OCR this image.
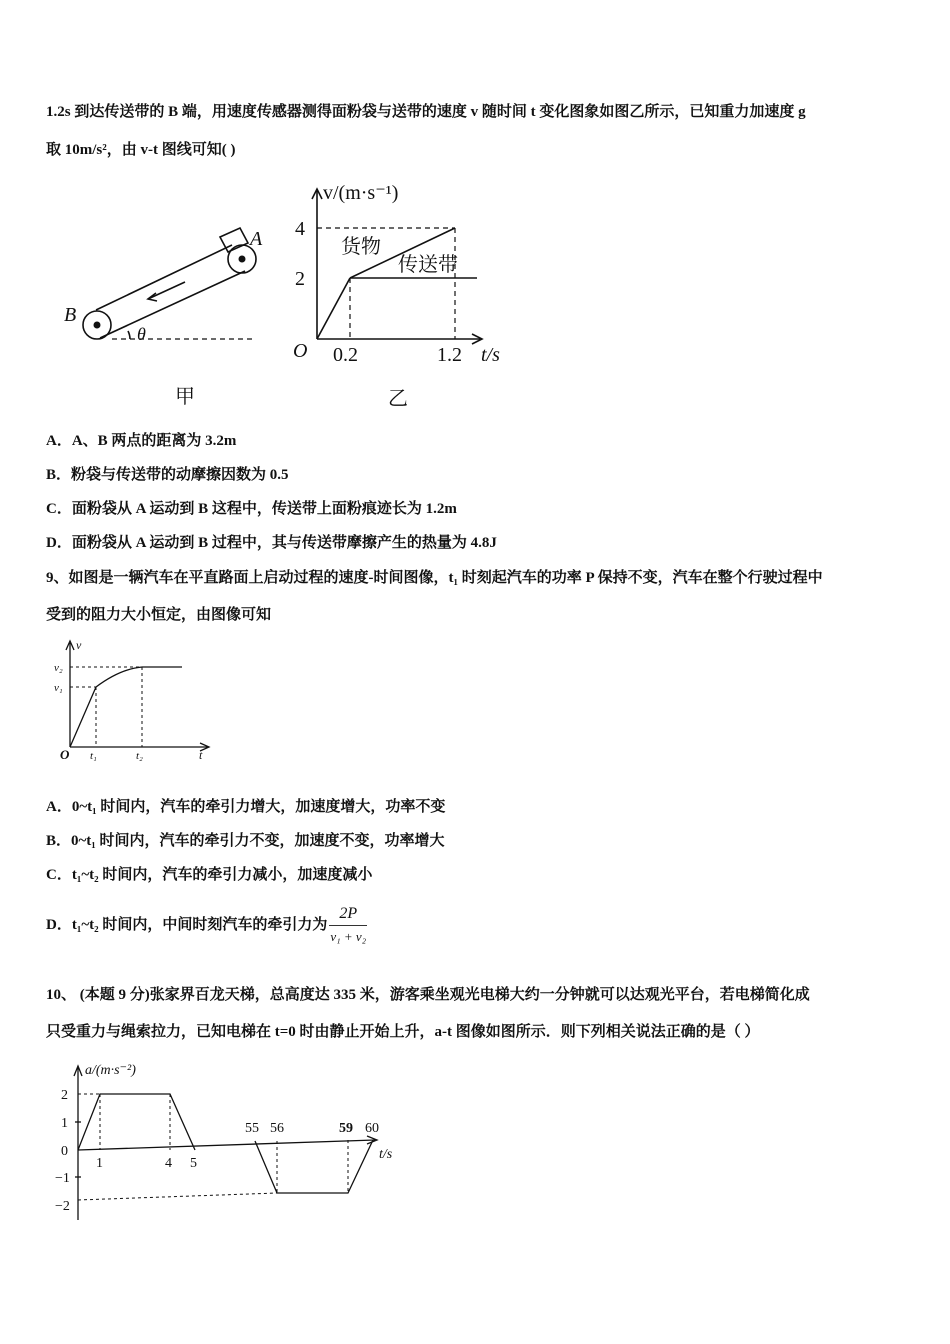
1.2s 到达传送带的 B 端，用速度传感器测得面粉袋与送带的速度 v 随时间 t 变化图象如图乙所示，已知重力加速度 g
取 10m/s²，由 v-t 图线可知( )
A
B
θ
甲
v/(m·s⁻¹)
4
2
O 0.2	1.2 t/s
货物
传送带
乙
A．A、B 两点的距离为 3.2m
B．粉袋与传送带的动摩擦因数为 0.5
C．面粉袋从 A 运动到 B 这程中，传送带上面粉痕迹长为 1.2m
D．面粉袋从 A 运动到 B 过程中，其与传送带摩擦产生的热量为 4.8J
9、如图是一辆汽车在平直路面上启动过程的速度-时间图像，t₁ 时刻起汽车的功率 P 保持不变，汽车在整个行驶过程中
受到的阻力大小恒定，由图像可知
v
v₂
v₁
O t₁	t₂	t
A．0~t₁ 时间内，汽车的牵引力增大，加速度增大，功率不变
B．0~t₁ 时间内，汽车的牵引力不变，加速度不变，功率增大
C．t₁~t₂ 时间内，汽车的牵引力减小，加速度减小
D．t₁~t₂ 时间内，中间时刻汽车的牵引力为 $\frac{2P}{\text{v₁ + v₂}}$
10、 (本题 9 分)张家界百龙天梯，总高度达 335 米，游客乘坐观光电梯大约一分钟就可以达观光平台，若电梯简化成
只受重力与绳索拉力，已知电梯在 t=0 时由静止开始上升，a-t 图像如图所示．则下列相关说法正确的是（ ）
a/(m·s⁻²)
2
1
0
−1
−2
1	4 5
55 56	59 60
t/s
